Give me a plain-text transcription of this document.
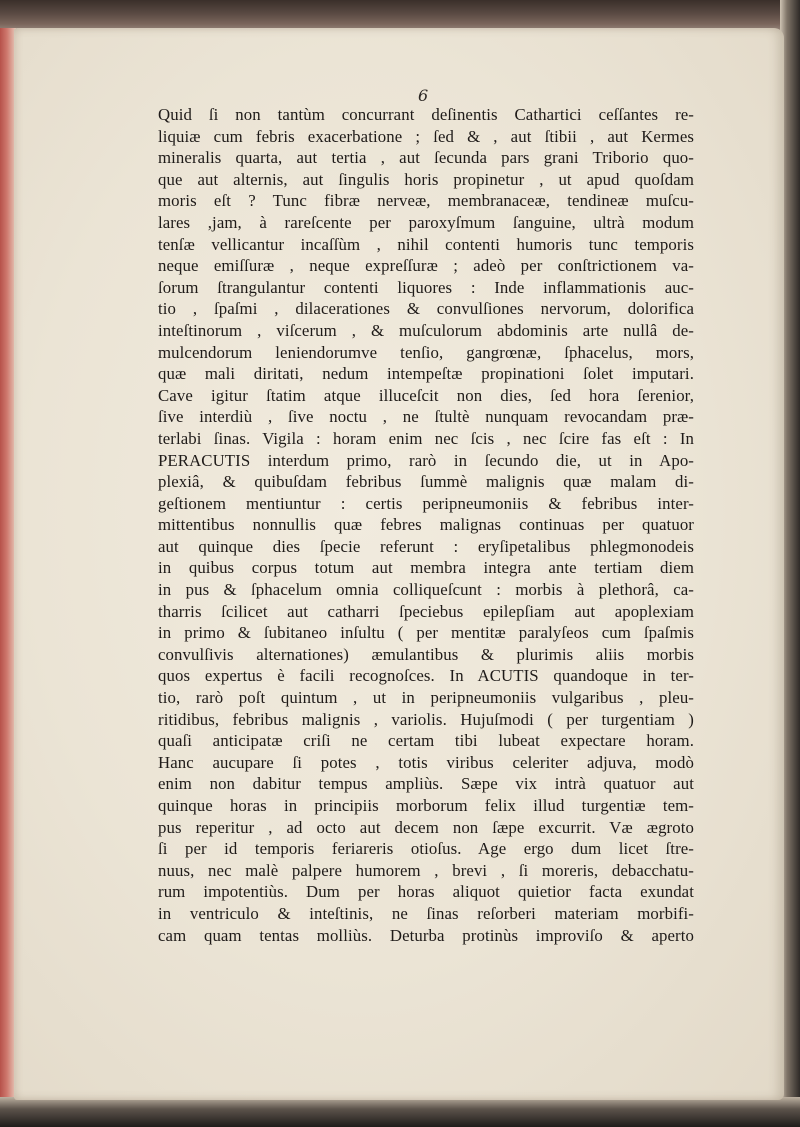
6
Quid ſi non tantùm concurrant deſinentis Cathartici ceſſantes re-
liquiæ cum febris exacerbatione ; ſed & , aut ſtibii , aut Kermes
mineralis quarta, aut tertia , aut ſecunda pars grani Triborio quo-
que aut alternis, aut ſingulis horis propinetur , ut apud quoſdam
moris eſt ? Tunc fibræ nerveæ, membranaceæ, tendineæ muſcu-
lares ,jam, à rareſcente per paroxyſmum ſanguine, ultrà modum
tenſæ vellicantur incaſſùm , nihil contenti humoris tunc temporis
neque emiſſuræ , neque expreſſuræ ; adeò per conſtrictionem va-
ſorum ſtrangulantur contenti liquores : Inde inflammationis auc-
tio , ſpaſmi , dilacerationes & convulſiones nervorum, dolorifica
inteſtinorum , viſcerum , & muſculorum abdominis arte nullâ de-
mulcendorum leniendorumve tenſio, gangrœnæ, ſphacelus, mors,
quæ mali diritati, nedum intempeſtæ propinationi ſolet imputari.
Cave igitur ſtatim atque illuceſcit non dies, ſed hora ſerenior,
ſive interdiù , ſive noctu , ne ſtultè nunquam revocandam præ-
terlabi ſinas. Vigila : horam enim nec ſcis , nec ſcire fas eſt : In
PERACUTIS interdum primo, rarò in ſecundo die, ut in Apo-
plexiâ, & quibuſdam febribus ſummè malignis quæ malam di-
geſtionem mentiuntur : certis peripneumoniis & febribus inter-
mittentibus nonnullis quæ febres malignas continuas per quatuor
aut quinque dies ſpecie referunt : eryſipetalibus phlegmonodeis
in quibus corpus totum aut membra integra ante tertiam diem
in pus & ſphacelum omnia colliqueſcunt : morbis à plethorâ, ca-
tharris ſcilicet aut catharri ſpeciebus epilepſiam aut apoplexiam
in primo & ſubitaneo inſultu ( per mentitæ paralyſeos cum ſpaſmis
convulſivis alternationes) æmulantibus & plurimis aliis morbis
quos expertus è facili recognoſces. In ACUTIS quandoque in ter-
tio, rarò poſt quintum , ut in peripneumoniis vulgaribus , pleu-
ritidibus, febribus malignis , variolis. Hujuſmodi ( per turgentiam )
quaſi anticipatæ criſi ne certam tibi lubeat expectare horam.
Hanc aucupare ſi potes , totis viribus celeriter adjuva, modò
enim non dabitur tempus ampliùs. Sæpe vix intrà quatuor aut
quinque horas in principiis morborum felix illud turgentiæ tem-
pus reperitur , ad octo aut decem non ſæpe excurrit. Væ ægroto
ſi per id temporis feriareris otioſus. Age ergo dum licet ſtre-
nuus, nec malè palpere humorem , brevi , ſi moreris, debacchatu-
rum impotentiùs. Dum per horas aliquot quietior facta exundat
in ventriculo & inteſtinis, ne ſinas reſorberi materiam morbifi-
cam quam tentas molliùs. Deturba protinùs improviſo & aperto
